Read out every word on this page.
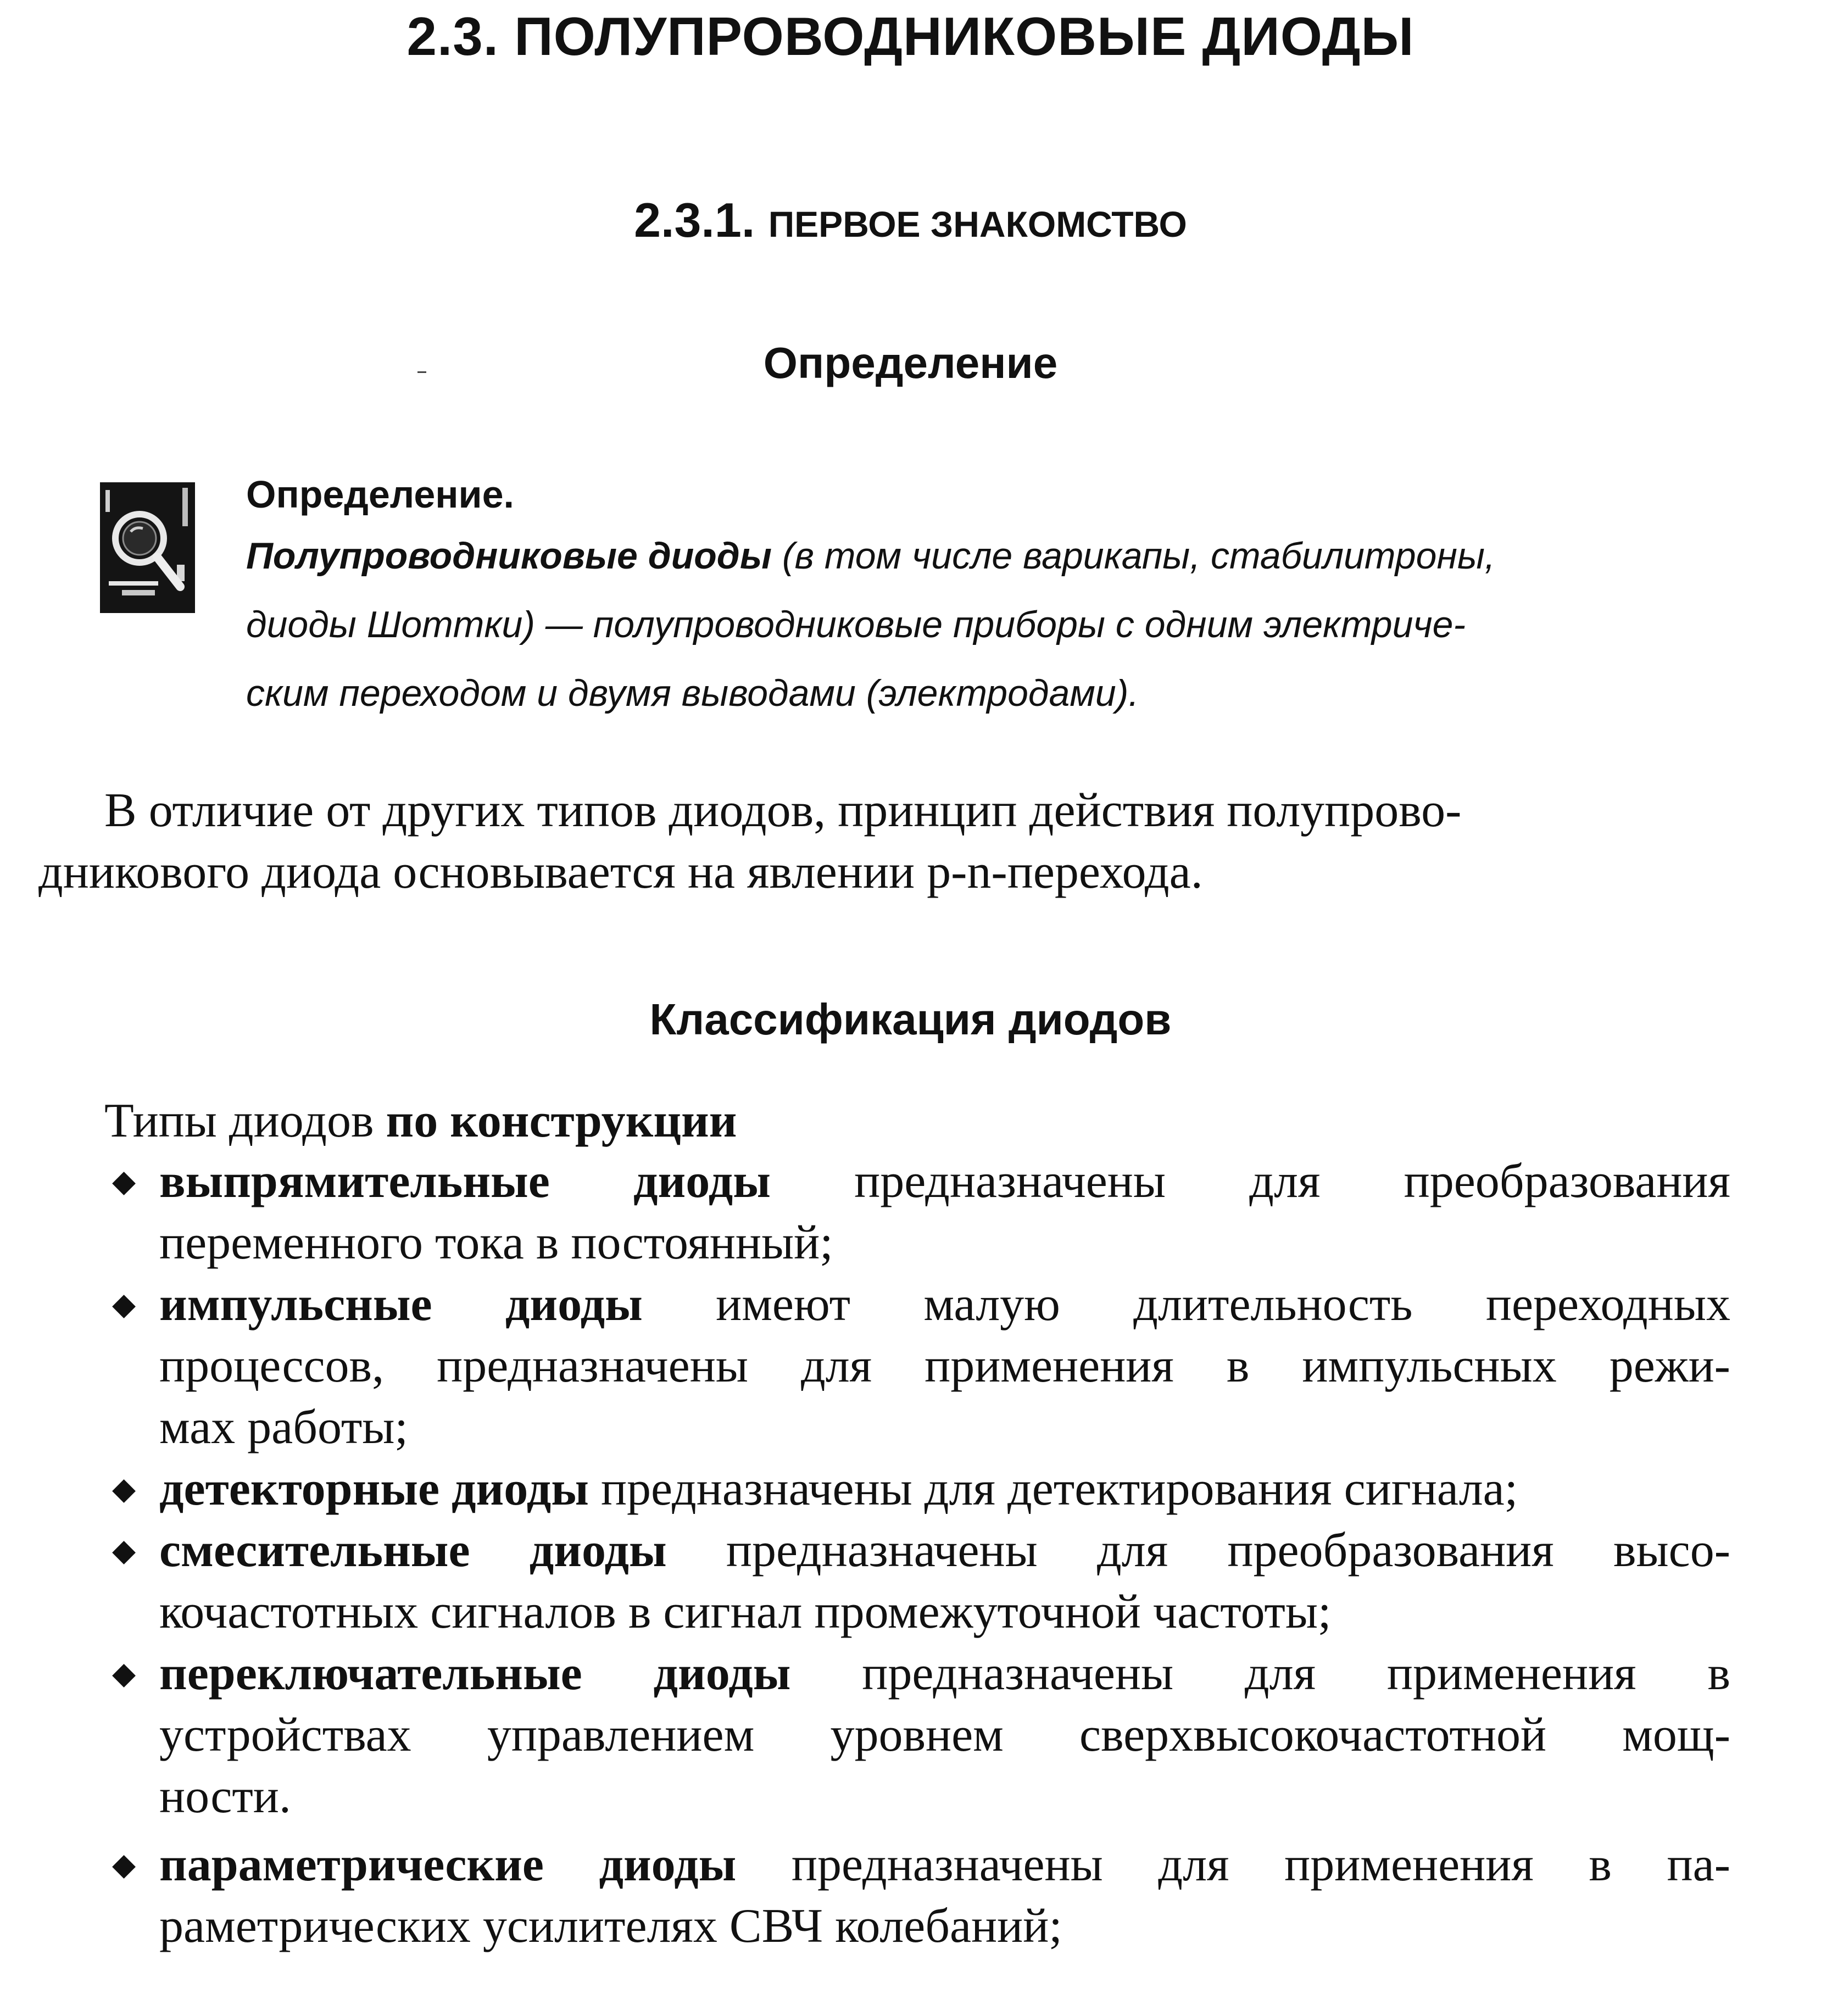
2.3. ПОЛУПРОВОДНИКОВЫЕ ДИОДЫ
2.3.1. ПЕРВОЕ ЗНАКОМСТВО
Определение
Определение.
Полупроводниковые диоды (в том числе варикапы, стабилитроны,
диоды Шоттки) — полупроводниковые приборы с одним электриче-
ским переходом и двумя выводами (электродами).
В отличие от других типов диодов, принцип действия полупрово-
дникового диода основывается на явлении p-n-перехода.
Классификация диодов
Типы диодов по конструкции
◆ выпрямительные диоды предназначены для преобразования
переменного тока в постоянный;
◆ импульсные диоды имеют малую длительность переходных
процессов, предназначены для применения в импульсных режи-
мах работы;
◆ детекторные диоды предназначены для детектирования сигнала;
◆ смесительные диоды предназначены для преобразования высо-
кочастотных сигналов в сигнал промежуточной частоты;
◆ переключательные диоды предназначены для применения в
устройствах управлением уровнем сверхвысокочастотной мощ-
ности.
◆ параметрические диоды предназначены для применения в па-
раметрических усилителях СВЧ колебаний;
